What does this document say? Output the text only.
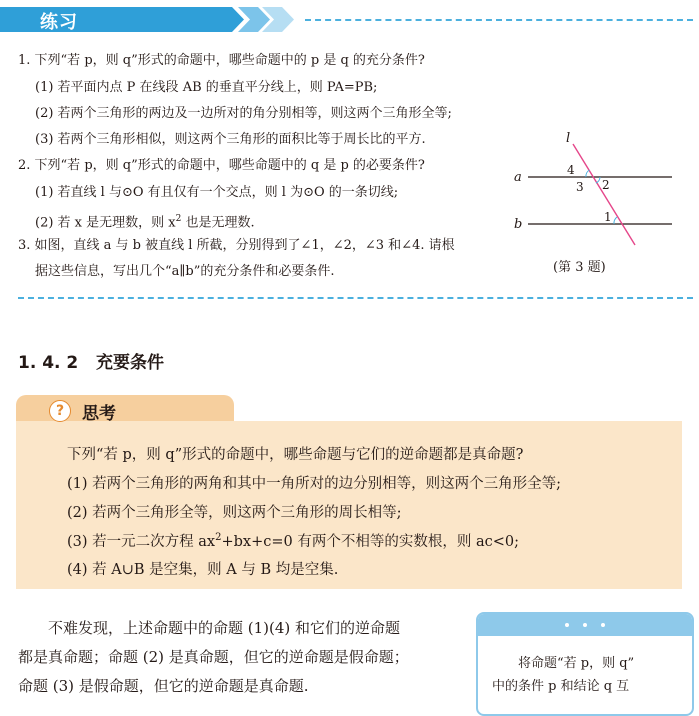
练习
1. 下列“若 p，则 q”形式的命题中，哪些命题中的 p 是 q 的充分条件?
(1) 若平面内点 P 在线段 AB 的垂直平分线上，则 PA=PB;
(2) 若两个三角形的两边及一边所对的角分别相等，则这两个三角形全等;
(3) 若两个三角形相似，则这两个三角形的面积比等于周长比的平方.
2. 下列“若 p，则 q”形式的命题中，哪些命题中的 q 是 p 的必要条件?
(1) 若直线 l 与⊙O 有且仅有一个交点，则 l 为⊙O 的一条切线;
(2) 若 x 是无理数，则 $x^2$ 也是无理数.
3. 如图，直线 a 与 b 被直线 l 所截，分别得到了∠1，∠2，∠3 和∠4. 请根
据这些信息，写出几个“a∥b”的充分条件和必要条件.
l
a
b
4
3 2
1
(第 3 题)
1. 4. 2   充要条件
?	思考
下列“若 p，则 q”形式的命题中，哪些命题与它们的逆命题都是真命题?
(1) 若两个三角形的两角和其中一角所对的边分别相等，则这两个三角形全等;
(2) 若两个三角形全等，则这两个三角形的周长相等;
(3) 若一元二次方程 $ax^2+bx+c=0$ 有两个不相等的实数根，则 ac<0;
(4) 若 A∪B 是空集，则 A 与 B 均是空集.
不难发现，上述命题中的命题 (1)(4) 和它们的逆命题
都是真命题；命题 (2) 是真命题，但它的逆命题是假命题；
命题 (3) 是假命题，但它的逆命题是真命题.
将命题“若 p，则 q”
中的条件 p 和结论 q 互
